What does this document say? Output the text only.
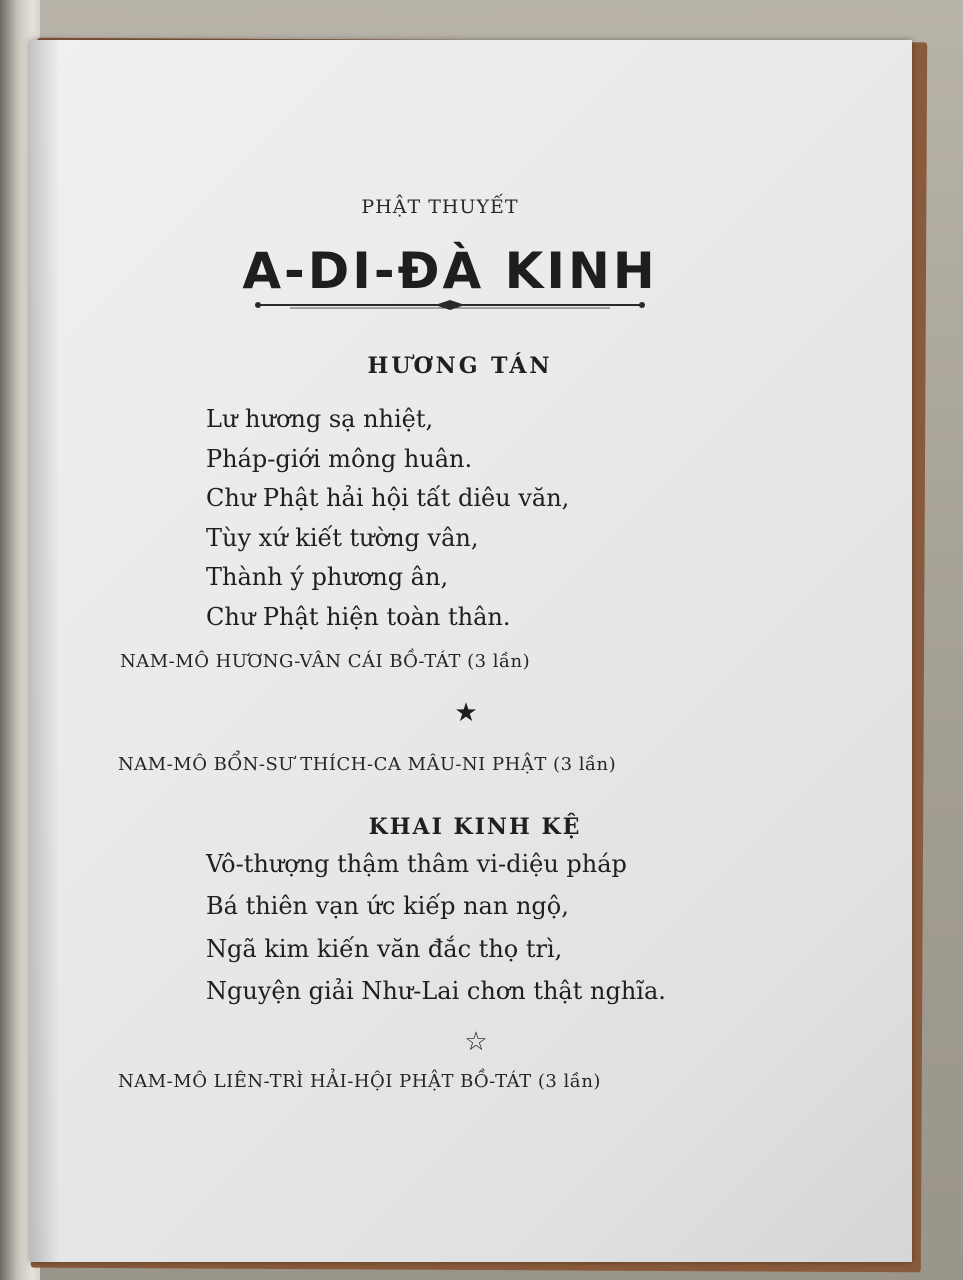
PHẬT THUYẾT
A-DI-ĐÀ KINH
HƯƠNG TÁN
Lư hương sạ nhiệt,
Pháp-giới mông huân.
Chư Phật hải hội tất diêu văn,
Tùy xứ kiết tường vân,
Thành ý phương ân,
Chư Phật hiện toàn thân.
NAM-MÔ HƯƠNG-VÂN CÁI BỒ-TÁT (3 lần)
★
NAM-MÔ BỔN-SƯ THÍCH-CA MÂU-NI PHẬT (3 lần)
KHAI KINH KỆ
Vô-thượng thậm thâm vi-diệu pháp
Bá thiên vạn ức kiếp nan ngộ,
Ngã kim kiến văn đắc thọ trì,
Nguyện giải Như-Lai chơn thật nghĩa.
☆
NAM-MÔ LIÊN-TRÌ HẢI-HỘI PHẬT BỒ-TÁT (3 lần)
